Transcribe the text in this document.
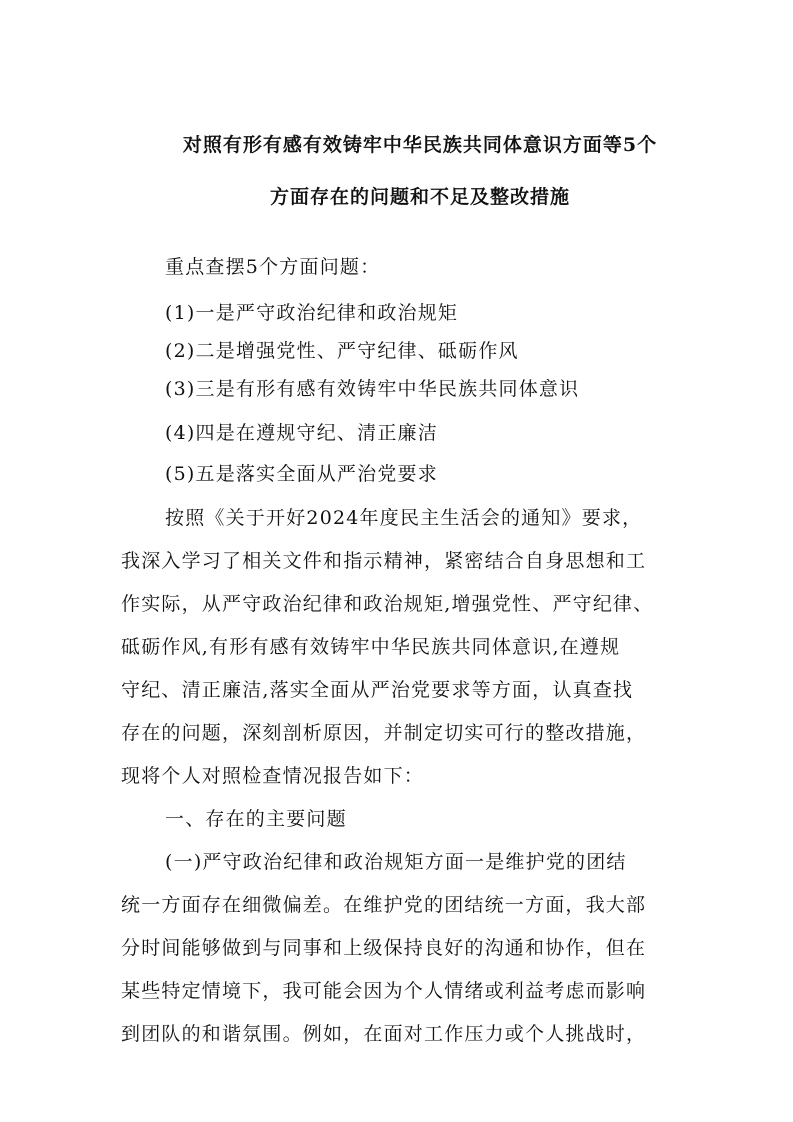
对照有形有感有效铸牢中华民族共同体意识方面等5个
方面存在的问题和不足及整改措施
重点查摆5个方面问题：
(1)一是严守政治纪律和政治规矩
(2)二是增强党性、严守纪律、砥砺作风
(3)三是有形有感有效铸牢中华民族共同体意识
(4)四是在遵规守纪、清正廉洁
(5)五是落实全面从严治党要求
按照《关于开好2024年度民主生活会的通知》要求，
我深入学习了相关文件和指示精神，紧密结合自身思想和工
作实际，从严守政治纪律和政治规矩,增强党性、严守纪律、
砥砺作风,有形有感有效铸牢中华民族共同体意识,在遵规
守纪、清正廉洁,落实全面从严治党要求等方面，认真查找
存在的问题，深刻剖析原因，并制定切实可行的整改措施，
现将个人对照检查情况报告如下：
一、存在的主要问题
(一)严守政治纪律和政治规矩方面一是维护党的团结
统一方面存在细微偏差。在维护党的团结统一方面，我大部
分时间能够做到与同事和上级保持良好的沟通和协作，但在
某些特定情境下，我可能会因为个人情绪或利益考虑而影响
到团队的和谐氛围。例如，在面对工作压力或个人挑战时，
